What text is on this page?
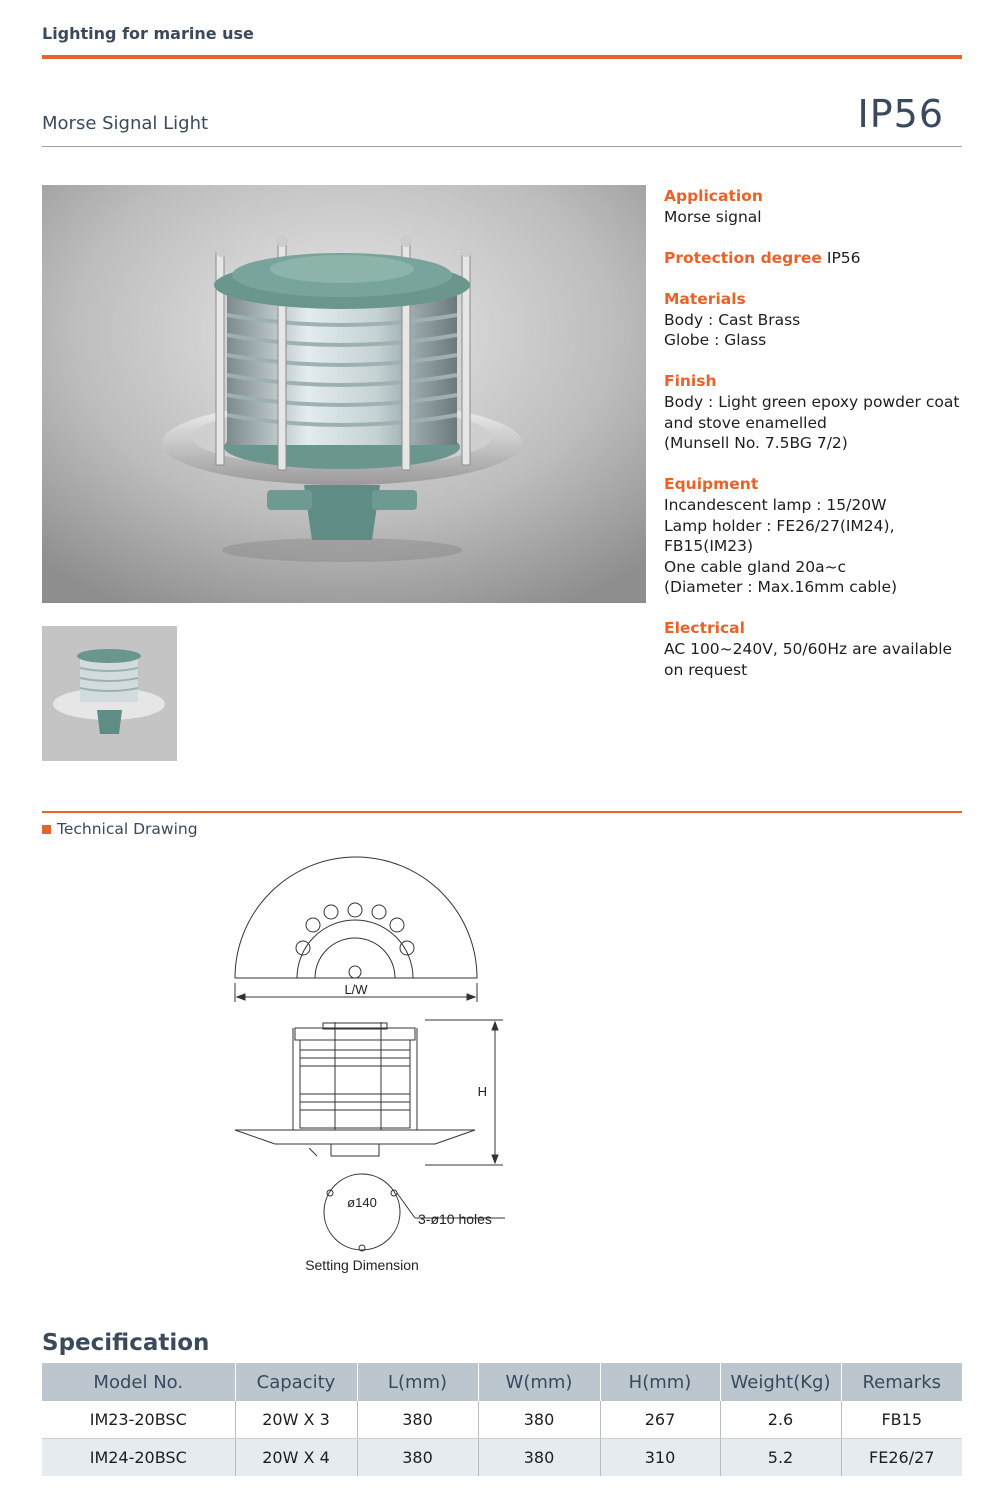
Lighting for marine use
Morse Signal Light	IP56
Application
Morse signal
Protection degree IP56
Materials
Body : Cast Brass
Globe : Glass
Finish
Body : Light green epoxy powder coat
and stove enamelled
(Munsell No. 7.5BG 7/2)
Equipment
Incandescent lamp : 15/20W
Lamp holder : FE26/27(IM24),
FB15(IM23)
One cable gland 20a~c
(Diameter : Max.16mm cable)
Electrical
AC 100~240V, 50/60Hz are available
on request
Technical Drawing
L/W
H
ø140
3-ø10 holes
Setting Dimension
Specification
Model No.	Capacity	L(mm)	W(mm)	H(mm)	Weight(Kg)	Remarks
IM23-20BSC	20W X 3	380	380	267	2.6	FB15
IM24-20BSC	20W X 4	380	380	310	5.2	FE26/27
